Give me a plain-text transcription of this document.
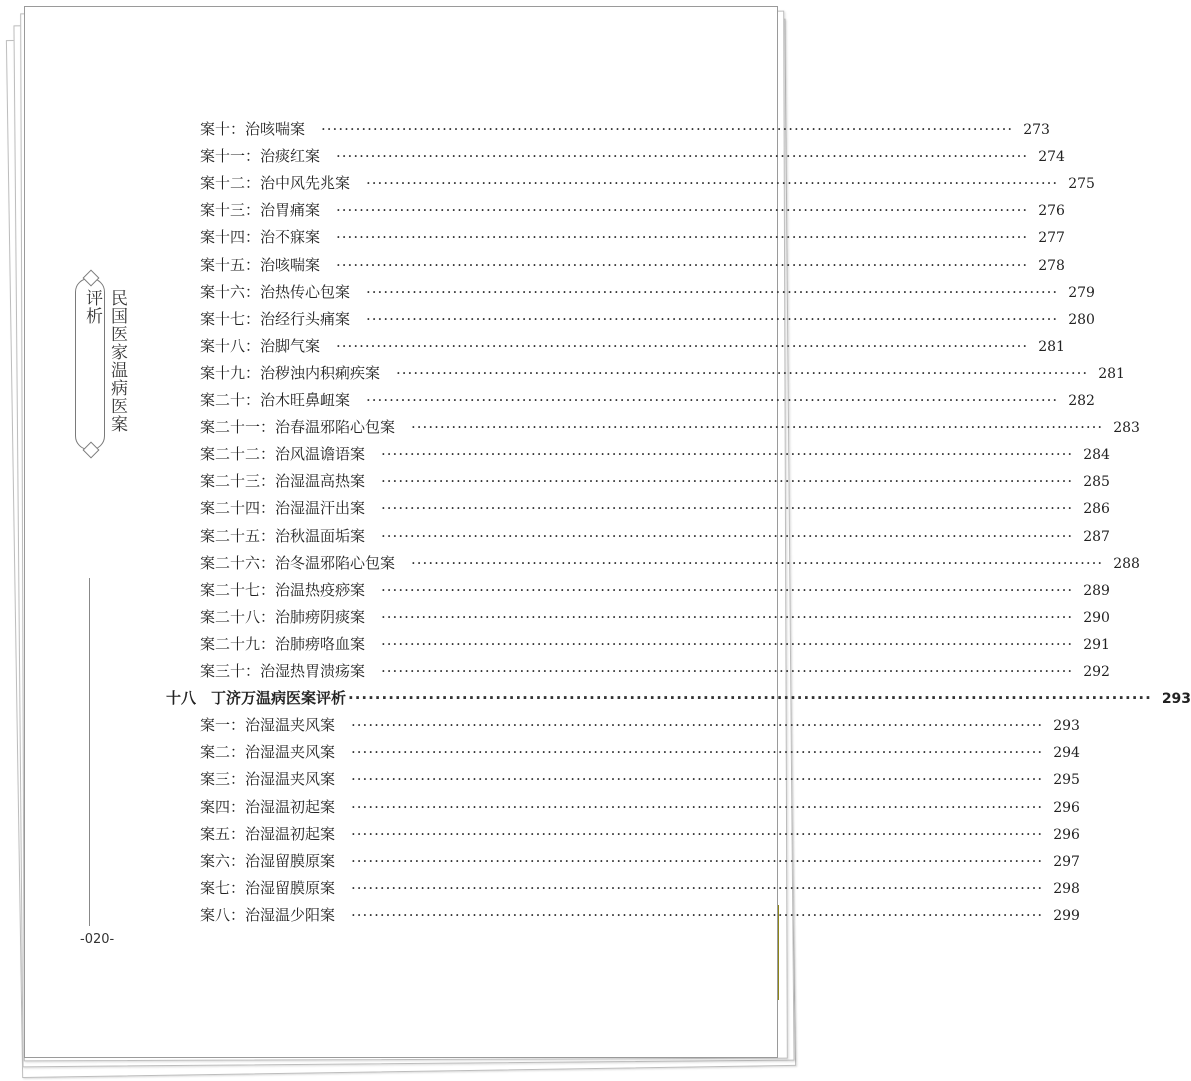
民国医家温病医案评析
-020-
案十：治咳喘案 ························································································································ 273
案十一：治痰红案 ························································································································ 274
案十二：治中风先兆案 ························································································································ 275
案十三：治胃痛案 ························································································································ 276
案十四：治不寐案 ························································································································ 277
案十五：治咳喘案 ························································································································ 278
案十六：治热传心包案 ························································································································ 279
案十七：治经行头痛案 ························································································································ 280
案十八：治脚气案 ························································································································ 281
案十九：治秽浊内积痢疾案 ························································································································ 281
案二十：治木旺鼻衄案 ························································································································ 282
案二十一：治春温邪陷心包案 ························································································································ 283
案二十二：治风温谵语案 ························································································································ 284
案二十三：治湿温高热案 ························································································································ 285
案二十四：治湿温汗出案 ························································································································ 286
案二十五：治秋温面垢案 ························································································································ 287
案二十六：治冬温邪陷心包案 ························································································································ 288
案二十七：治温热疫痧案 ························································································································ 289
案二十八：治肺痨阴痰案 ························································································································ 290
案二十九：治肺痨咯血案 ························································································································ 291
案三十：治湿热胃溃疡案 ························································································································ 292
十八　丁济万温病医案评析 ························································································································ 293
案一：治湿温夹风案 ························································································································ 293
案二：治湿温夹风案 ························································································································ 294
案三：治湿温夹风案 ························································································································ 295
案四：治湿温初起案 ························································································································ 296
案五：治湿温初起案 ························································································································ 296
案六：治湿留膜原案 ························································································································ 297
案七：治湿留膜原案 ························································································································ 298
案八：治湿温少阳案 ························································································································ 299
